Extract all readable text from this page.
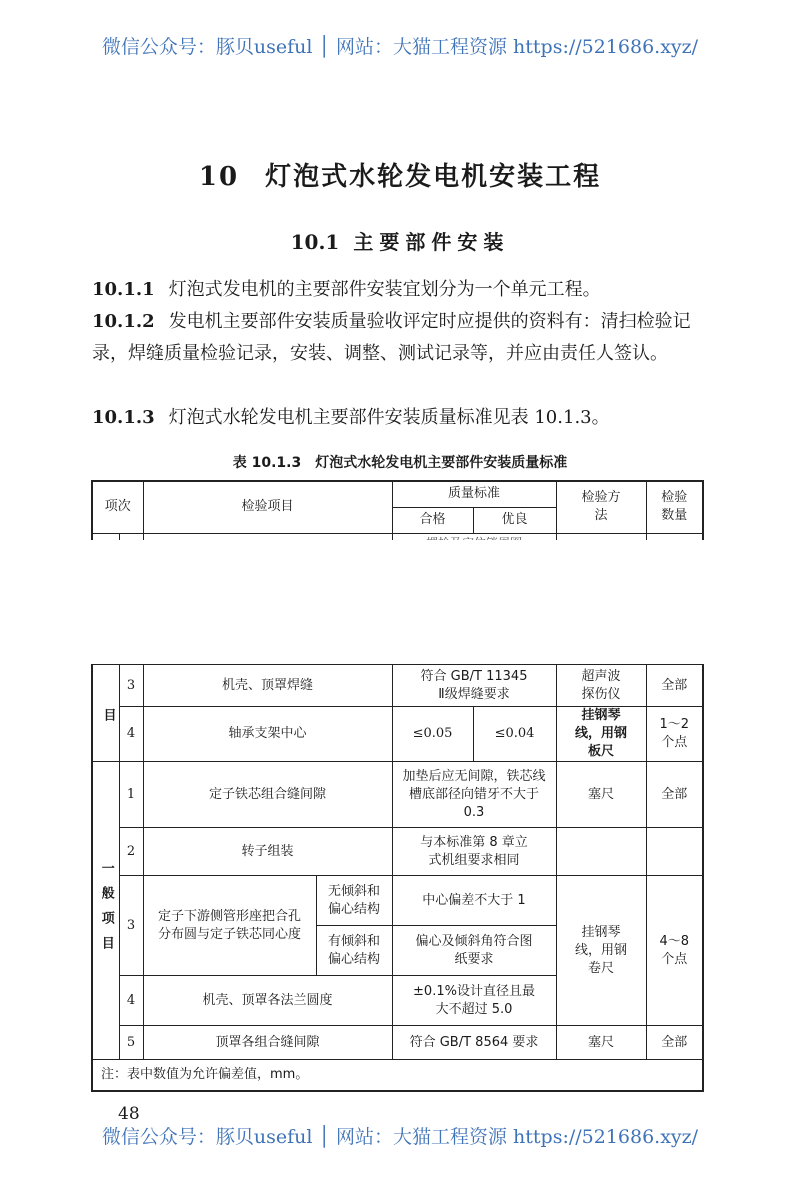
微信公众号：豚贝useful │ 网站：大猫工程资源 https://521686.xyz/
10 灯泡式水轮发电机安装工程
10.1 主要部件安装
10.1.1 灯泡式发电机的主要部件安装宜划分为一个单元工程。
10.1.2 发电机主要部件安装质量验收评定时应提供的资料有：清扫检验记录，焊缝质量检验记录，安装、调整、测试记录等，并应由责任人签认。
10.1.3 灯泡式水轮发电机主要部件安装质量标准见表 10.1.3。
表 10.1.3 灯泡式水轮发电机主要部件安装质量标准
项次		检验项目	质量标准		检验方法	检验数量
			合格	优良		

目	3	机壳、顶罩焊缝		符合 GB/T 11345 Ⅱ级焊缝要求		超声波探伤仪	全部
	4	轴承支架中心		≤0.05	≤0.04	挂钢琴线，用钢板尺	1～2 个点
一般项目	1	定子铁芯组合缝间隙		加垫后应无间隙，铁芯线槽底部径向错牙不大于 0.3		塞尺	全部
	2	转子组装		与本标准第 8 章立式机组要求相同			
	3	定子下游侧管形座把合孔分布圆与定子铁芯同心度	无倾斜和偏心结构	中心偏差不大于 1		挂钢琴线，用钢卷尺	4～8 个点
			有倾斜和偏心结构	偏心及倾斜角符合图纸要求			
	4	机壳、顶罩各法兰圆度		±0.1%设计直径且最大不超过 5.0			
	5	顶罩各组合缝间隙		符合 GB/T 8564 要求		塞尺	全部
注：表中数值为允许偏差值，mm。							
48
微信公众号：豚贝useful │ 网站：大猫工程资源 https://521686.xyz/
